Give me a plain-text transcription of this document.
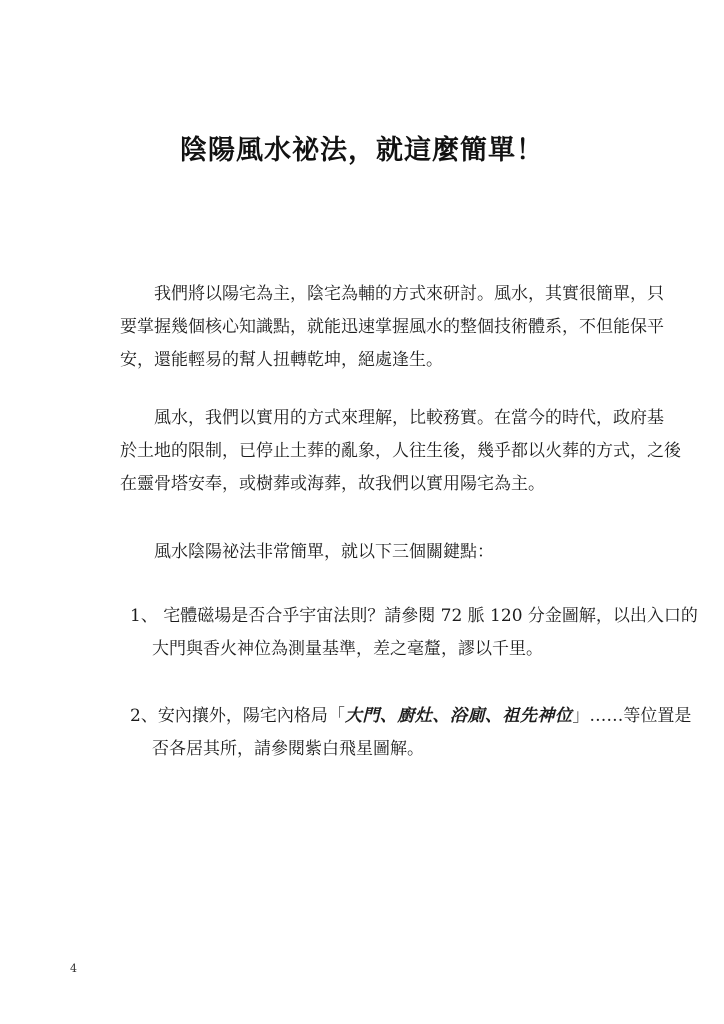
陰陽風水祕法，就這麼簡單！

我們將以陽宅為主，陰宅為輔的方式來研討。風水，其實很簡單，只

要掌握幾個核心知識點，就能迅速掌握風水的整個技術體系，不但能保平

安，還能輕易的幫人扭轉乾坤，絕處逢生。

風水，我們以實用的方式來理解，比較務實。在當今的時代，政府基

於土地的限制，已停止土葬的亂象，人往生後，幾乎都以火葬的方式，之後

在靈骨塔安奉，或樹葬或海葬，故我們以實用陽宅為主。

風水陰陽祕法非常簡單，就以下三個關鍵點：

1、 宅體磁場是否合乎宇宙法則？請參閱 72 脈 120 分金圖解，以出入口的
大門與香火神位為測量基準，差之毫釐，謬以千里。
2、安內攘外，陽宅內格局「大門、廚灶、浴廁、祖先神位」……等位置是
否各居其所，請參閱紫白飛星圖解。
4
